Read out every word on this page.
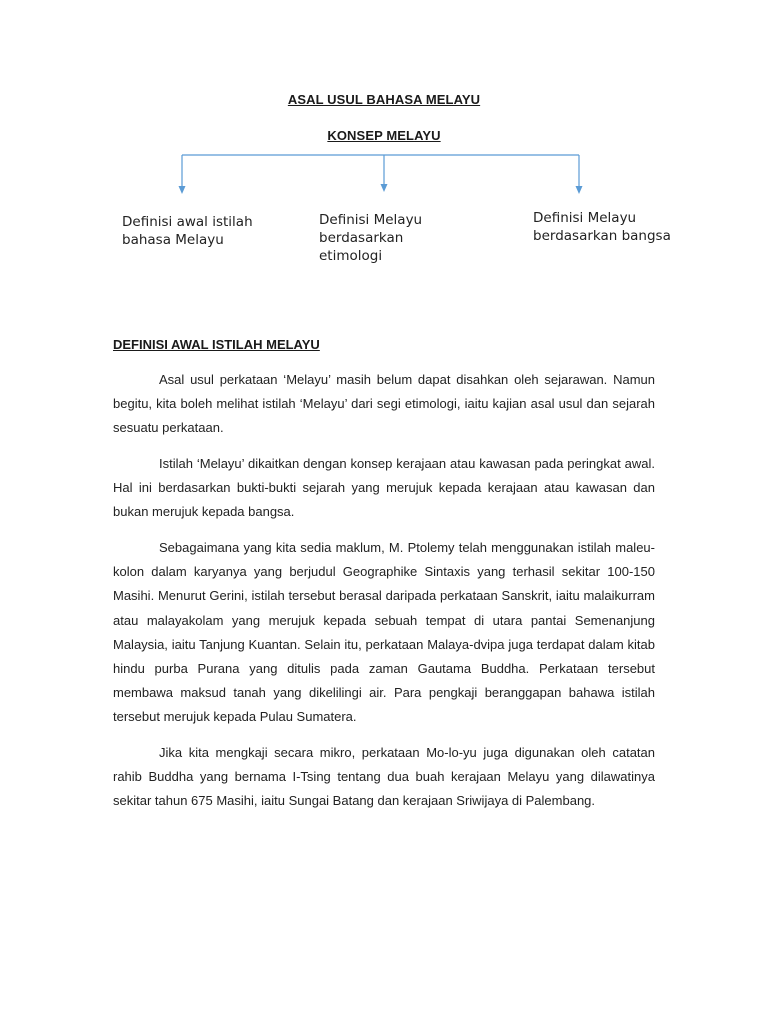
ASAL USUL BAHASA MELAYU
KONSEP MELAYU
Definisi awal istilah bahasa Melayu
Definisi Melayu berdasarkan etimologi
Definisi Melayu berdasarkan bangsa
DEFINISI AWAL ISTILAH MELAYU

Asal usul perkataan ‘Melayu’ masih belum dapat disahkan oleh sejarawan. Namun begitu, kita boleh melihat istilah ‘Melayu’ dari segi etimologi, iaitu kajian asal usul dan sejarah sesuatu perkataan.

Istilah ‘Melayu’ dikaitkan dengan konsep kerajaan atau kawasan pada peringkat awal. Hal ini berdasarkan bukti-bukti sejarah yang merujuk kepada kerajaan atau kawasan dan bukan merujuk kepada bangsa.

Sebagaimana yang kita sedia maklum, M. Ptolemy telah menggunakan istilah maleu-kolon dalam karyanya yang berjudul Geographike Sintaxis yang terhasil sekitar 100-150 Masihi. Menurut Gerini, istilah tersebut berasal daripada perkataan Sanskrit, iaitu malaikurram atau malayakolam yang merujuk kepada sebuah tempat di utara pantai Semenanjung Malaysia, iaitu Tanjung Kuantan. Selain itu, perkataan Malaya-dvipa juga terdapat dalam kitab hindu purba Purana yang ditulis pada zaman Gautama Buddha. Perkataan tersebut membawa maksud tanah yang dikelilingi air. Para pengkaji beranggapan bahawa istilah tersebut merujuk kepada Pulau Sumatera.

Jika kita mengkaji secara mikro, perkataan Mo-lo-yu juga digunakan oleh catatan rahib Buddha yang bernama I-Tsing tentang dua buah kerajaan Melayu yang dilawatinya sekitar tahun 675 Masihi, iaitu Sungai Batang dan kerajaan Sriwijaya di Palembang.
